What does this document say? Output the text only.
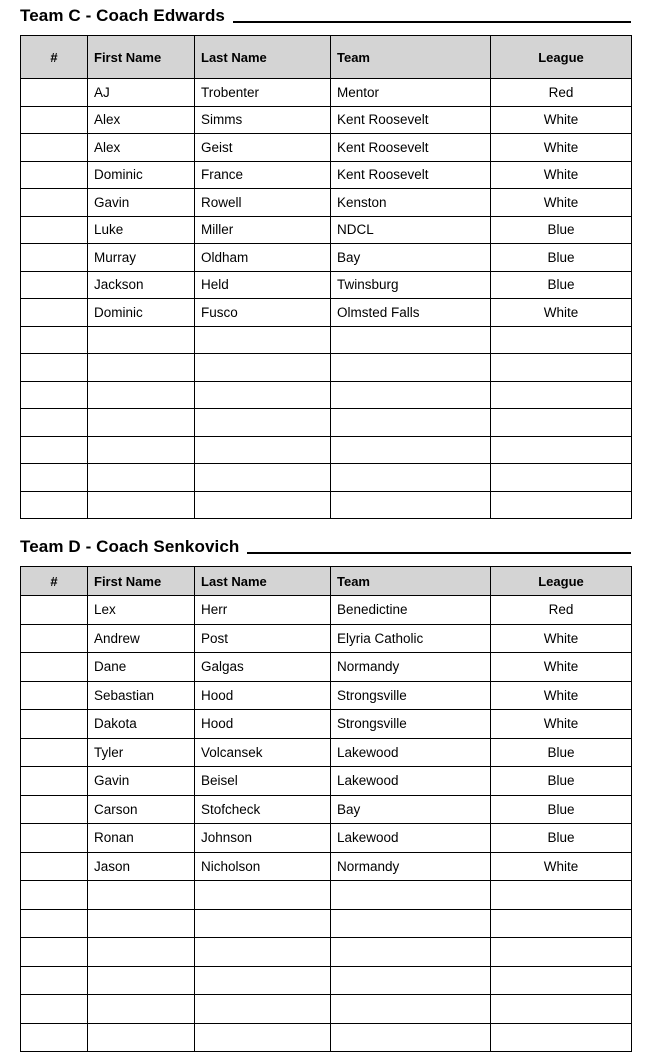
Team C - Coach Edwards
#	First Name	Last Name	Team	League
	AJ	Trobenter	Mentor	Red
	Alex	Simms	Kent Roosevelt	White
	Alex	Geist	Kent Roosevelt	White
	Dominic	France	Kent Roosevelt	White
	Gavin	Rowell	Kenston	White
	Luke	Miller	NDCL	Blue
	Murray	Oldham	Bay	Blue
	Jackson	Held	Twinsburg	Blue
	Dominic	Fusco	Olmsted Falls	White

Team D - Coach Senkovich
#	First Name	Last Name	Team	League
	Lex	Herr	Benedictine	Red
	Andrew	Post	Elyria Catholic	White
	Dane	Galgas	Normandy	White
	Sebastian	Hood	Strongsville	White
	Dakota	Hood	Strongsville	White
	Tyler	Volcansek	Lakewood	Blue
	Gavin	Beisel	Lakewood	Blue
	Carson	Stofcheck	Bay	Blue
	Ronan	Johnson	Lakewood	Blue
	Jason	Nicholson	Normandy	White
